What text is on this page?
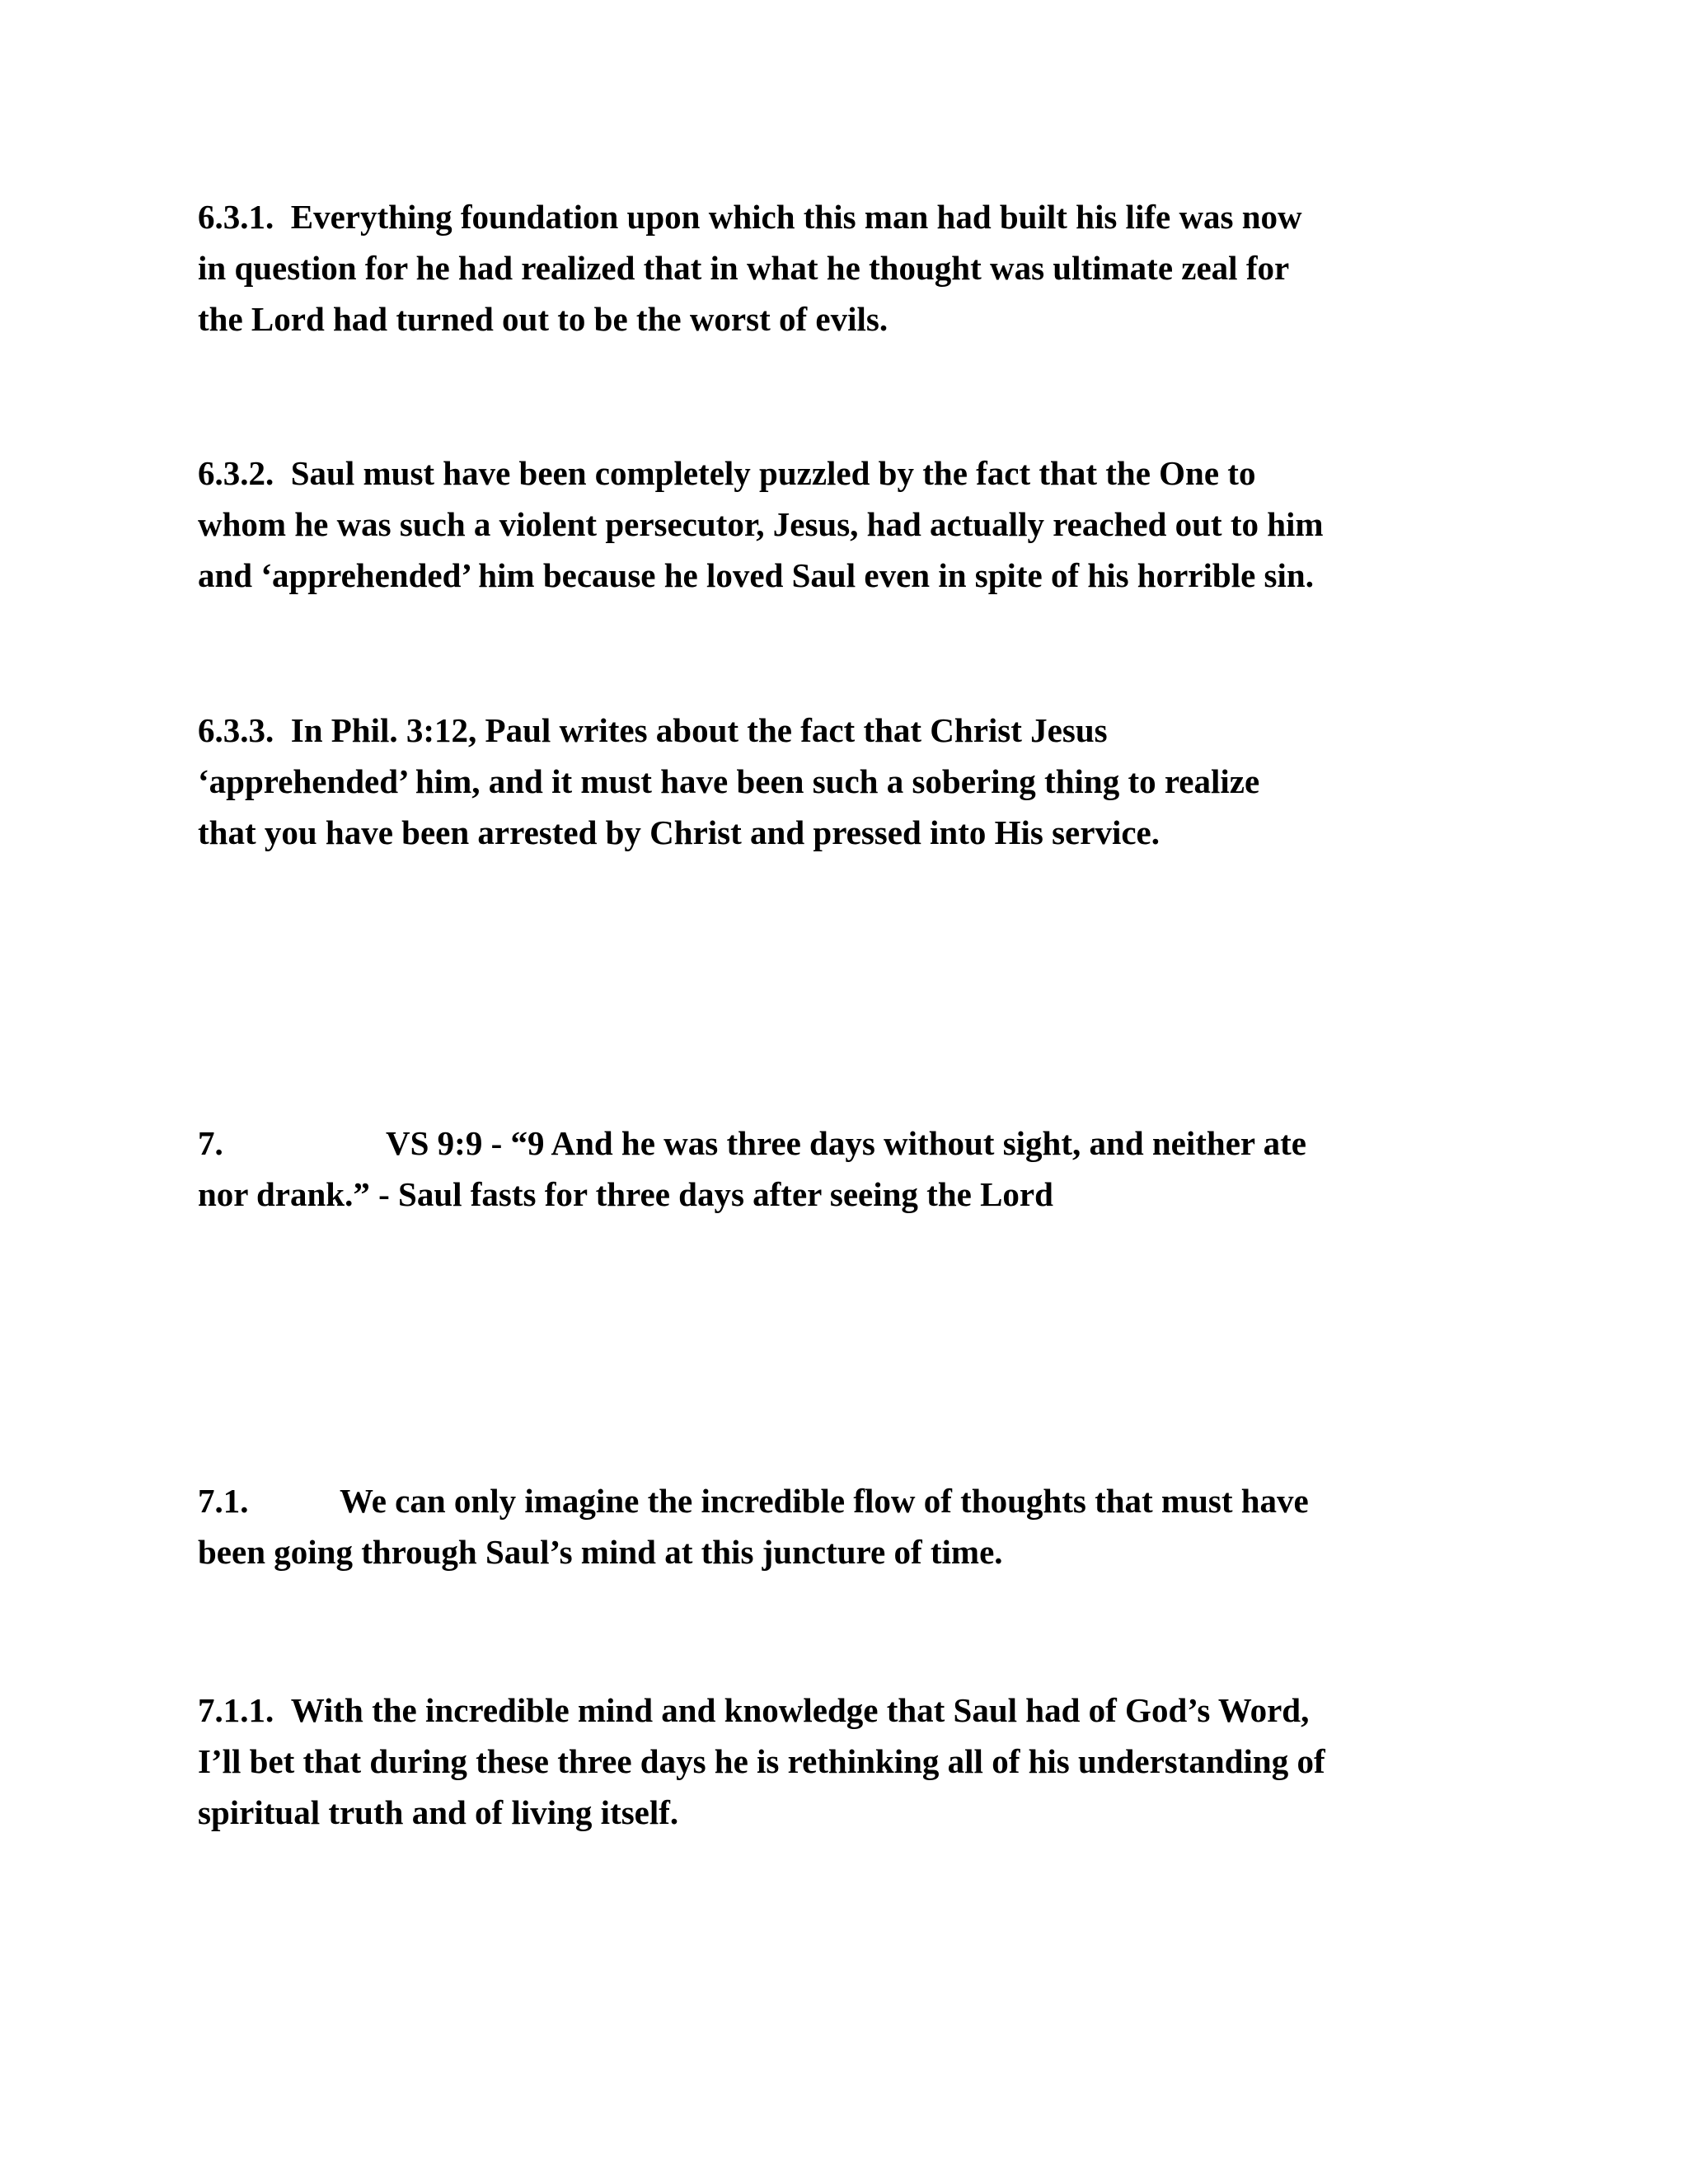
6.3.1. Everything foundation upon which this man had built his life was now
in question for he had realized that in what he thought was ultimate zeal for
the Lord had turned out to be the worst of evils.
6.3.2. Saul must have been completely puzzled by the fact that the One to
whom he was such a violent persecutor, Jesus, had actually reached out to him
and ‘apprehended’ him because he loved Saul even in spite of his horrible sin.
6.3.3. In Phil. 3:12, Paul writes about the fact that Christ Jesus
‘apprehended’ him, and it must have been such a sobering thing to realize
that you have been arrested by Christ and pressed into His service.
7.	VS 9:9 - “9 And he was three days without sight, and neither ate
nor drank.” - Saul fasts for three days after seeing the Lord
7.1.	We can only imagine the incredible flow of thoughts that must have
been going through Saul’s mind at this juncture of time.
7.1.1. With the incredible mind and knowledge that Saul had of God’s Word,
I’ll bet that during these three days he is rethinking all of his understanding of
spiritual truth and of living itself.
